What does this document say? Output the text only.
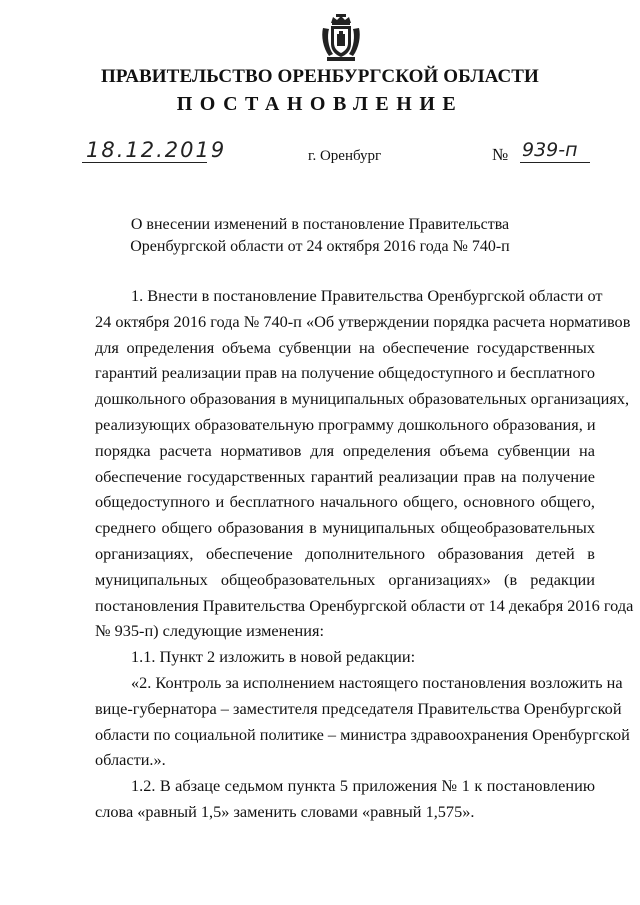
ПРАВИТЕЛЬСТВО ОРЕНБУРГСКОЙ ОБЛАСТИ
ПОСТАНОВЛЕНИЕ
18.12.2019	г. Оренбург	№ 939-п
О внесении изменений в постановление Правительства
Оренбургской области от 24 октября 2016 года № 740-п
1. Внести в постановление Правительства Оренбургской области от
24 октября 2016 года № 740-п «Об утверждении порядка расчета нормативов
для определения объема субвенции на обеспечение государственных
гарантий реализации прав на получение общедоступного и бесплатного
дошкольного образования в муниципальных образовательных организациях,
реализующих образовательную программу дошкольного образования, и
порядка расчета нормативов для определения объема субвенции на
обеспечение государственных гарантий реализации прав на получение
общедоступного и бесплатного начального общего, основного общего,
среднего общего образования в муниципальных общеобразовательных
организациях, обеспечение дополнительного образования детей в
муниципальных общеобразовательных организациях» (в редакции
постановления Правительства Оренбургской области от 14 декабря 2016 года
№ 935-п) следующие изменения:
1.1. Пункт 2 изложить в новой редакции:
«2. Контроль за исполнением настоящего постановления возложить на
вице-губернатора – заместителя председателя Правительства Оренбургской
области по социальной политике – министра здравоохранения Оренбургской
области.».
1.2. В абзаце седьмом пункта 5 приложения № 1 к постановлению
слова «равный 1,5» заменить словами «равный 1,575».
